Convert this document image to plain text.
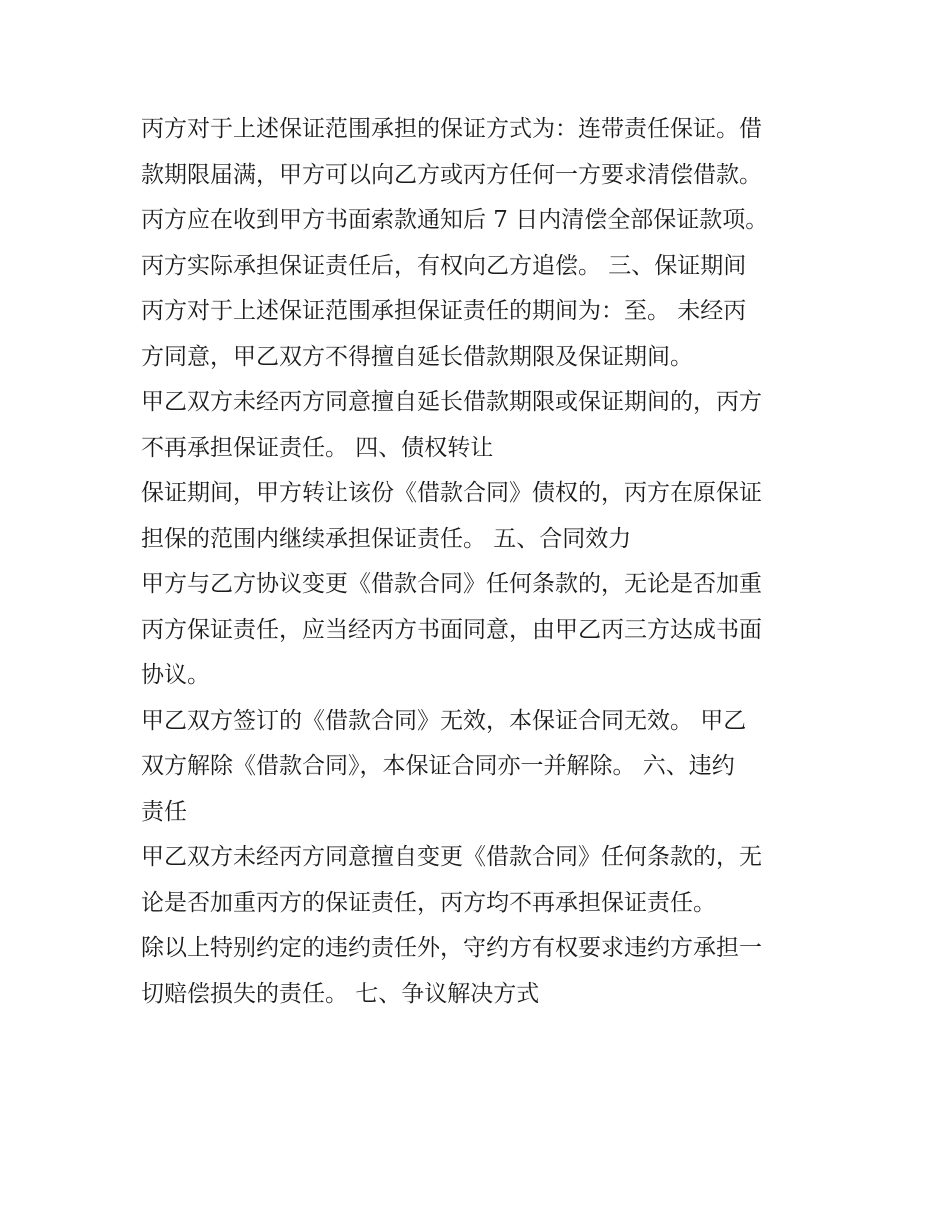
丙方对于上述保证范围承担的保证方式为：连带责任保证。借
款期限届满，甲方可以向乙方或丙方任何一方要求清偿借款。
丙方应在收到甲方书面索款通知后 7 日内清偿全部保证款项。
丙方实际承担保证责任后，有权向乙方追偿。 三、保证期间
丙方对于上述保证范围承担保证责任的期间为：至。 未经丙
方同意，甲乙双方不得擅自延长借款期限及保证期间。
甲乙双方未经丙方同意擅自延长借款期限或保证期间的，丙方
不再承担保证责任。 四、债权转让
保证期间，甲方转让该份《借款合同》债权的，丙方在原保证
担保的范围内继续承担保证责任。 五、合同效力
甲方与乙方协议变更《借款合同》任何条款的，无论是否加重
丙方保证责任，应当经丙方书面同意，由甲乙丙三方达成书面
协议。
甲乙双方签订的《借款合同》无效，本保证合同无效。 甲乙
双方解除《借款合同》，本保证合同亦一并解除。 六、违约
责任
甲乙双方未经丙方同意擅自变更《借款合同》任何条款的，无
论是否加重丙方的保证责任，丙方均不再承担保证责任。
除以上特别约定的违约责任外，守约方有权要求违约方承担一
切赔偿损失的责任。 七、争议解决方式
